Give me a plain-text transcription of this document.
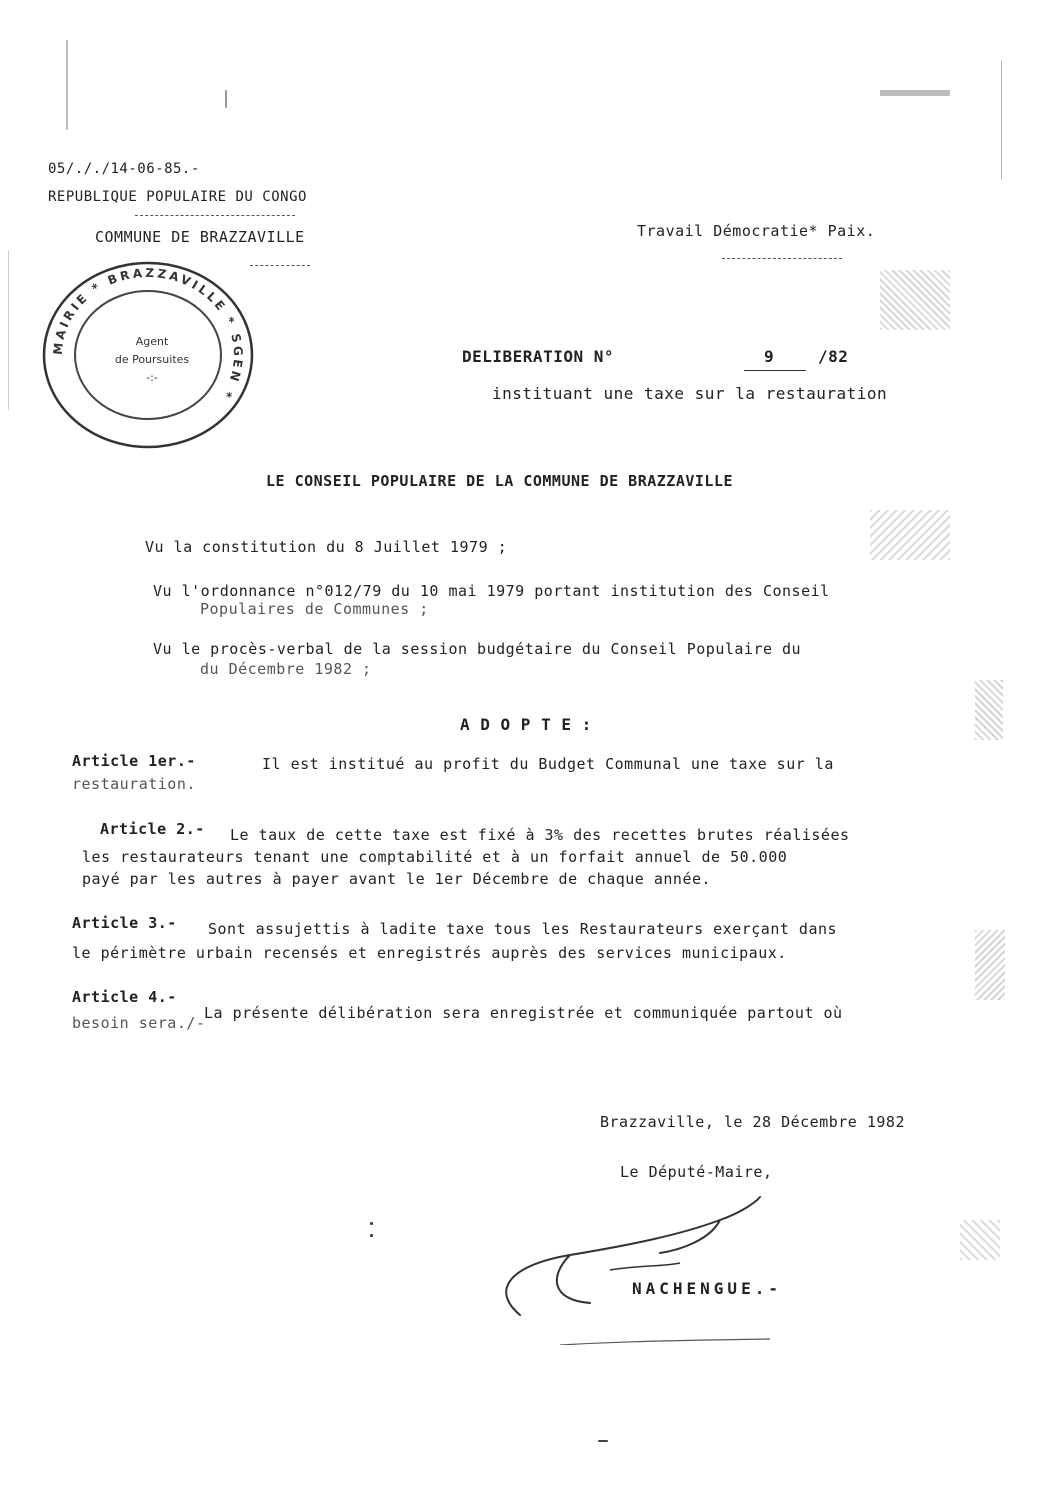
05/././14-06-85.-
REPUBLIQUE POPULAIRE DU CONGO
COMMUNE DE BRAZZAVILLE	Travail Démocratie* Paix.
MAIRIE * BRAZZAVILLE * SGEN *
Agent
de Poursuites
-:-
DELIBERATION N°	9	/82
instituant une taxe sur la restauration
LE CONSEIL POPULAIRE DE LA COMMUNE DE BRAZZAVILLE
Vu la constitution du 8 Juillet 1979 ;
Vu l'ordonnance n°012/79 du 10 mai 1979 portant institution des Conseil
Populaires de Communes ;
Vu le procès-verbal de la session budgétaire du Conseil Populaire du
du Décembre 1982 ;
A D O P T E :
Article 1er.-	Il est institué au profit du Budget Communal une taxe sur la
restauration.
Article 2.- Le taux de cette taxe est fixé à 3% des recettes brutes réalisées
les restaurateurs tenant une comptabilité et à un forfait annuel de 50.000
payé par les autres à payer avant le 1er Décembre de chaque année.
Article 3.- Sont assujettis à ladite taxe tous les Restaurateurs exerçant dans
le périmètre urbain recensés et enregistrés auprès des services municipaux.
Article 4.-
La présente délibération sera enregistrée et communiquée partout où
besoin sera./-
Brazzaville, le 28 Décembre 1982
Le Député-Maire,
NACHENGUE.-
